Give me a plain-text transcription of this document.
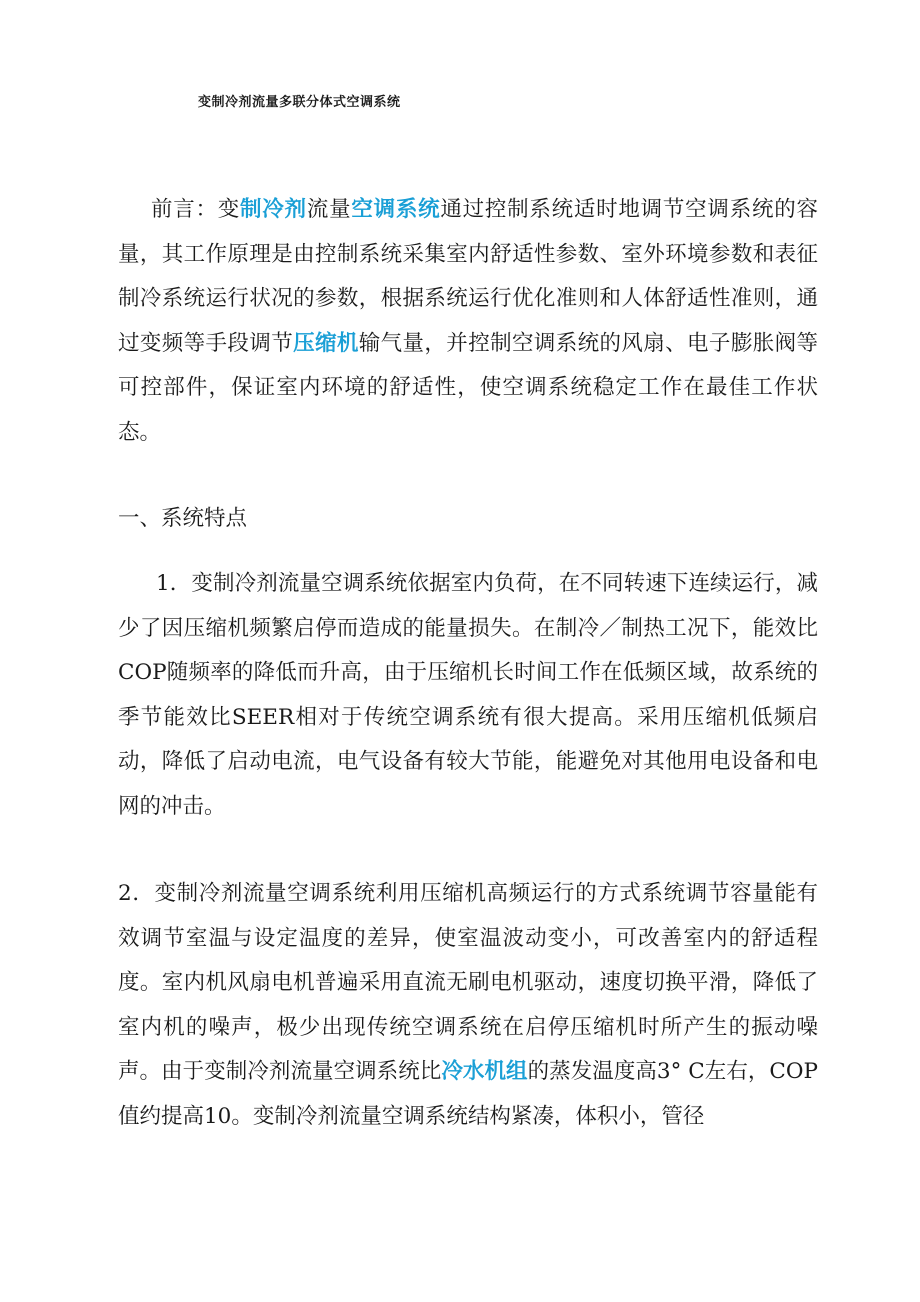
变制冷剂流量多联分体式空调系统

前言：变制冷剂流量空调系统通过控制系统适时地调节空调系统的容量，其工作原理是由控制系统采集室内舒适性参数、室外环境参数和表征制冷系统运行状况的参数，根据系统运行优化准则和人体舒适性准则，通过变频等手段调节压缩机输气量，并控制空调系统的风扇、电子膨胀阀等可控部件，保证室内环境的舒适性，使空调系统稳定工作在最佳工作状态。

一、系统特点

1．变制冷剂流量空调系统依据室内负荷，在不同转速下连续运行，减少了因压缩机频繁启停而造成的能量损失。在制冷／制热工况下，能效比COP随频率的降低而升高，由于压缩机长时间工作在低频区域，故系统的季节能效比SEER相对于传统空调系统有很大提高。采用压缩机低频启动，降低了启动电流，电气设备有较大节能，能避免对其他用电设备和电网的冲击。

2．变制冷剂流量空调系统利用压缩机高频运行的方式系统调节容量能有效调节室温与设定温度的差异，使室温波动变小，可改善室内的舒适程度。室内机风扇电机普遍采用直流无刷电机驱动，速度切换平滑，降低了室内机的噪声，极少出现传统空调系统在启停压缩机时所产生的振动噪声。由于变制冷剂流量空调系统比冷水机组的蒸发温度高3° C左右，COP值约提高10。变制冷剂流量空调系统结构紧凑，体积小，管径
